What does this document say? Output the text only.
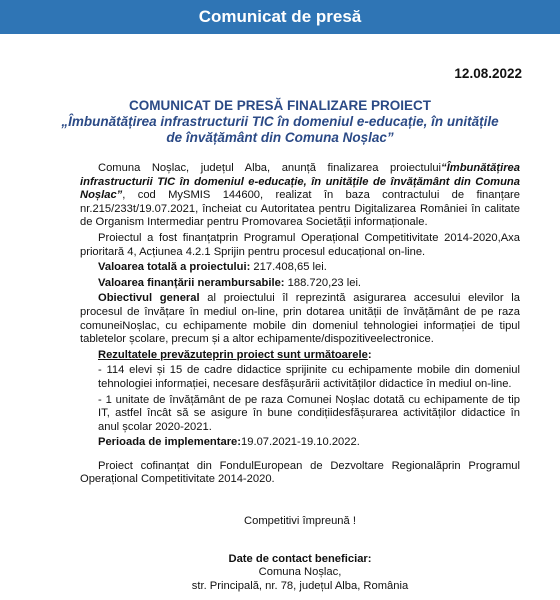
Comunicat de presă
12.08.2022
COMUNICAT DE PRESĂ FINALIZARE PROIECT
„Îmbunătățirea infrastructurii TIC în domeniul e-educație, în unitățile de învățământ din Comuna Noșlac”

Comuna Noșlac, județul Alba, anunță finalizarea proiectului“Îmbunătățirea infrastructurii TIC în domeniul e-educație, în unitățile de învățământ din Comuna Noșlac”, cod MySMIS 144600, realizat în baza contractului de finanțare nr.215/233t/19.07.2021, încheiat cu Autoritatea pentru Digitalizarea României în calitate de Organism Intermediar pentru Promovarea Societății informaționale.

Proiectul a fost finanțatprin Programul Operațional Competitivitate 2014-2020,Axa prioritară 4, Acțiunea 4.2.1 Sprijin pentru procesul educațional on-line.

Valoarea totală a proiectului: 217.408,65 lei.

Valoarea finanțării nerambursabile: 188.720,23 lei.

Obiectivul general al proiectului îl reprezintă asigurarea accesului elevilor la procesul de învățare în mediul on-line, prin dotarea unității de învățământ de pe raza comuneiNoșlac, cu echipamente mobile din domeniul tehnologiei informației de tipul tabletelor școlare, precum și a altor echipamente/dispozitiveelectronice.

Rezultatele prevăzuteprin proiect sunt următoarele:

- 114 elevi și 15 de cadre didactice sprijinite cu echipamente mobile din domeniul tehnologiei informației, necesare desfășurării activităților didactice în mediul on-line.
- 1 unitate de învățământ de pe raza Comunei Noșlac dotată cu echipamente de tip IT, astfel încât să se asigure în bune condițiidesfășurarea activităților didactice în anul școlar 2020-2021.

Perioada de implementare:19.07.2021-19.10.2022.

Proiect cofinanțat din FondulEuropean de Dezvoltare Regionalăprin Programul Operațional Competitivitate 2014-2020.

Competitivi împreună !
Date de contact beneficiar:
Comuna Noșlac,
str. Principală, nr. 78, județul Alba, România
